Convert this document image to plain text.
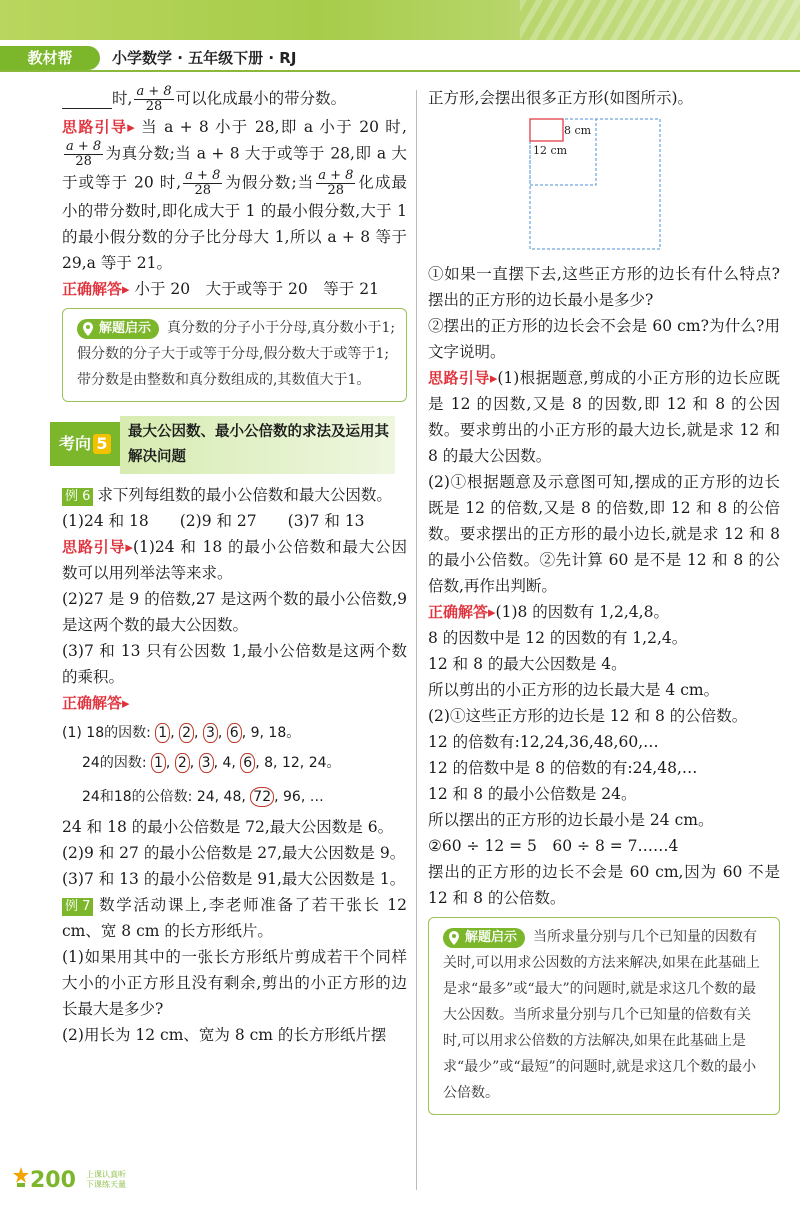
教材帮	小学数学 · 五年级下册 · RJ
时, $\frac{a + 8}{28}$ 可以化成最小的带分数。
思路引导▸ 当 a + 8 小于 28,即 a 小于 20 时,
$\frac{a + 8}{28}$ 为真分数;当 a + 8 大于或等于 28,即 a 大 于或等于 20 时, $\frac{a + 8}{28}$ 为假分数;当 $\frac{a + 8}{28}$ 化成最 小的带分数时,即化成大于 1 的最小假分数,大于 1 的最小假分数的分子比分母大 1,所以 a + 8 等于 29,a 等于 21。
正确解答▸ 小于 20　大于或等于 20　等于 21
解题启示 真分数的分子小于分母,真分数小于1;假分数的分子大于或等于分母,假分数大于或等于1;带分数是由整数和真分数组成的,其数值大于1。
考向 5
最大公因数、最小公倍数的求法及运用其解决问题
例 6 求下列每组数的最小公倍数和最大公因数。
(1)24 和 18　　(2)9 和 27　　(3)7 和 13
思路引导▸(1)24 和 18 的最小公倍数和最大公因数可以用列举法等来求。
(2)27 是 9 的倍数,27 是这两个数的最小公倍数,9 是这两个数的最大公因数。
(3)7 和 13 只有公因数 1,最小公倍数是这两个数的乘积。
正确解答▸
(1) 18的因数: 1 , 2 , 3 , 6 , 9, 18。
24的因数: 1 , 2 , 3 , 4, 6 , 8, 12, 24。
24和18的公倍数: 24, 48, 72 , 96, …
24 和 18 的最小公倍数是 72,最大公因数是 6。
(2)9 和 27 的最小公倍数是 27,最大公因数是 9。
(3)7 和 13 的最小公倍数是 91,最大公因数是 1。
例 7 数学活动课上,李老师准备了若干张长 12 cm、宽 8 cm 的长方形纸片。
(1)如果用其中的一张长方形纸片剪成若干个同样大小的小正方形且没有剩余,剪出的小正方形的边长最大是多少?
(2)用长为 12 cm、宽为 8 cm 的长方形纸片摆
正方形,会摆出很多正方形(如图所示)。
8 cm
12 cm
①如果一直摆下去,这些正方形的边长有什么特点?摆出的正方形的边长最小是多少?
②摆出的正方形的边长会不会是 60 cm?为什么?用文字说明。
思路引导▸(1)根据题意,剪成的小正方形的边长应既是 12 的因数,又是 8 的因数,即 12 和 8 的公因数。要求剪出的小正方形的最大边长,就是求 12 和 8 的最大公因数。
(2)①根据题意及示意图可知,摆成的正方形的边长既是 12 的倍数,又是 8 的倍数,即 12 和 8 的公倍数。要求摆出的正方形的最小边长,就是求 12 和 8 的最小公倍数。②先计算 60 是不是 12 和 8 的公倍数,再作出判断。
正确解答▸(1)8 的因数有 1,2,4,8。
8 的因数中是 12 的因数的有 1,2,4。
12 和 8 的最大公因数是 4。
所以剪出的小正方形的边长最大是 4 cm。
(2)①这些正方形的边长是 12 和 8 的公倍数。
12 的倍数有:12,24,36,48,60,…
12 的倍数中是 8 的倍数的有:24,48,…
12 和 8 的最小公倍数是 24。
所以摆出的正方形的边长最小是 24 cm。
②60 ÷ 12 = 5　60 ÷ 8 = 7……4
摆出的正方形的边长不会是 60 cm,因为 60 不是 12 和 8 的公倍数。
解题启示 当所求量分别与几个已知量的因数有关时,可以用求公因数的方法来解决,如果在此基础上是求“最多”或“最大”的问题时,就是求这几个数的最大公因数。当所求量分别与几个已知量的倍数有关时,可以用求公倍数的方法解决,如果在此基础上是求“最少”或“最短”的问题时,就是求这几个数的最小公倍数。
200 上课认真听
下课练天量
